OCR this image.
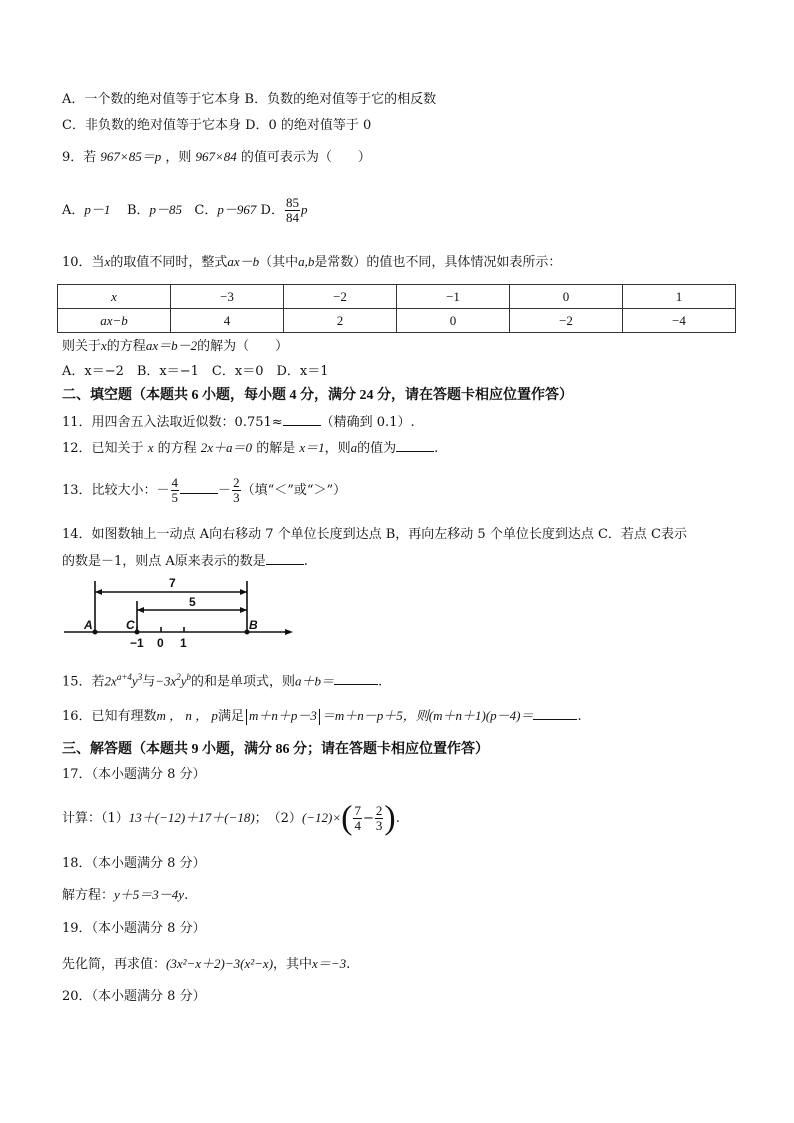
A．一个数的绝对值等于它本身 B．负数的绝对值等于它的相反数
C．非负数的绝对值等于它本身 D．0 的绝对值等于 0
9．若 967×85＝p ，则 967×84 的值可表示为（　　）
A．p－1 B．p－85 C．p－967 D． $\frac{85}{84}$ p
10．当x的取值不同时，整式ax－b（其中a,b是常数）的值也不同，具体情况如表所示：
x	−3	−2	−1	0	1
ax−b	4	2	0	−2	−4
则关于x的方程ax＝b－2的解为（　　）
A．x＝−2　B．x＝−1　C．x＝0　D．x＝1
二、填空题（本题共 6 小题，每小题 4 分，满分 24 分，请在答题卡相应位置作答）
11．用四舍五入法取近似数：0.751≈	（精确到 0.1）.
12．已知关于 x 的方程 2x＋a＝0 的解是 x＝1，则a的值为	.
13．比较大小：－ $\frac{4}{5}$	－ $\frac{2}{3}$ （填“＜”或“＞”）
14．如图数轴上一动点 A向右移动 7 个单位长度到达点 B，再向左移动 5 个单位长度到达点 C．若点 C表示
的数是－1，则点 A原来表示的数是	.
7
5
A	C	B
−1 0 1
15．若$2x^{a+4}y^3$与$-3x^2y^b$的和是单项式，则a＋b＝	.
16．已知有理数m ， n ， p满足 m＋n＋p－3 ＝m＋n－p＋5，则(m＋n＋1)(p－4)＝	.
三、解答题（本题共 9 小题，满分 86 分；请在答题卡相应位置作答）
17．（本小题满分 8 分）
计算：（1）13＋(−12)＋17＋(−18)；　$(2)(-12)\times( \frac{7}{4} - \frac{2}{3}$ ).
18．（本小题满分 8 分）
解方程：y＋5＝3－4y.
19．（本小题满分 8 分）
先化简，再求值：(3x²−x＋2)−3(x²−x)，其中x＝−3.
20．（本小题满分 8 分）
